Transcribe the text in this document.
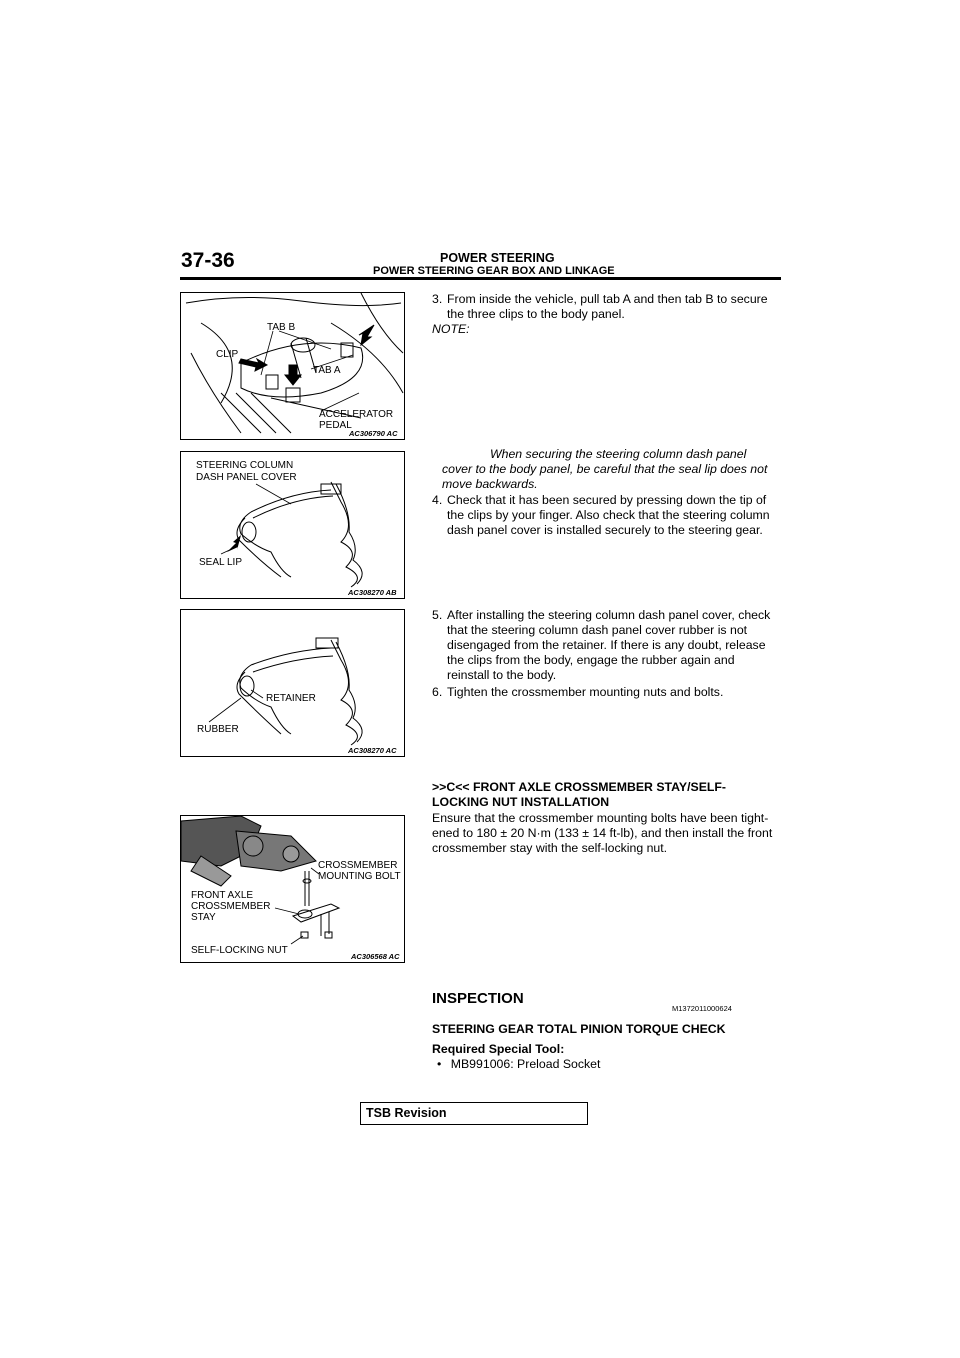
37-36	POWER STEERING
POWER STEERING GEAR BOX AND LINKAGE
TAB B
CLIP
TAB A
ACCELERATOR
PEDAL
AC306790 AC
STEERING COLUMN
DASH PANEL COVER
SEAL LIP
AC308270 AB
RETAINER
RUBBER
AC308270 AC
CROSSMEMBER
MOUNTING BOLT
FRONT AXLE
CROSSMEMBER
STAY
SELF-LOCKING NUT
AC306568 AC
3. From inside the vehicle, pull tab A and then tab B to secure
the three clips to the body panel.
NOTE:
When securing the steering column dash panel
cover to the body panel, be careful that the seal lip does not
move backwards.
4. Check that it has been secured by pressing down the tip of
the clips by your finger. Also check that the steering column
dash panel cover is installed securely to the steering gear.
5. After installing the steering column dash panel cover, check
that the steering column dash panel cover rubber is not
disengaged from the retainer. If there is any doubt, release
the clips from the body, engage the rubber again and
reinstall to the body.
6. Tighten the crossmember mounting nuts and bolts.
>>C<< FRONT AXLE CROSSMEMBER STAY/SELF-
LOCKING NUT INSTALLATION
Ensure that the crossmember mounting bolts have been tight-
ened to 180 ± 20 N·m (133 ± 14 ft-lb), and then install the front
crossmember stay with the self-locking nut.
INSPECTION
M1372011000624
STEERING GEAR TOTAL PINION TORQUE CHECK
Required Special Tool:
• MB991006: Preload Socket
TSB Revision
